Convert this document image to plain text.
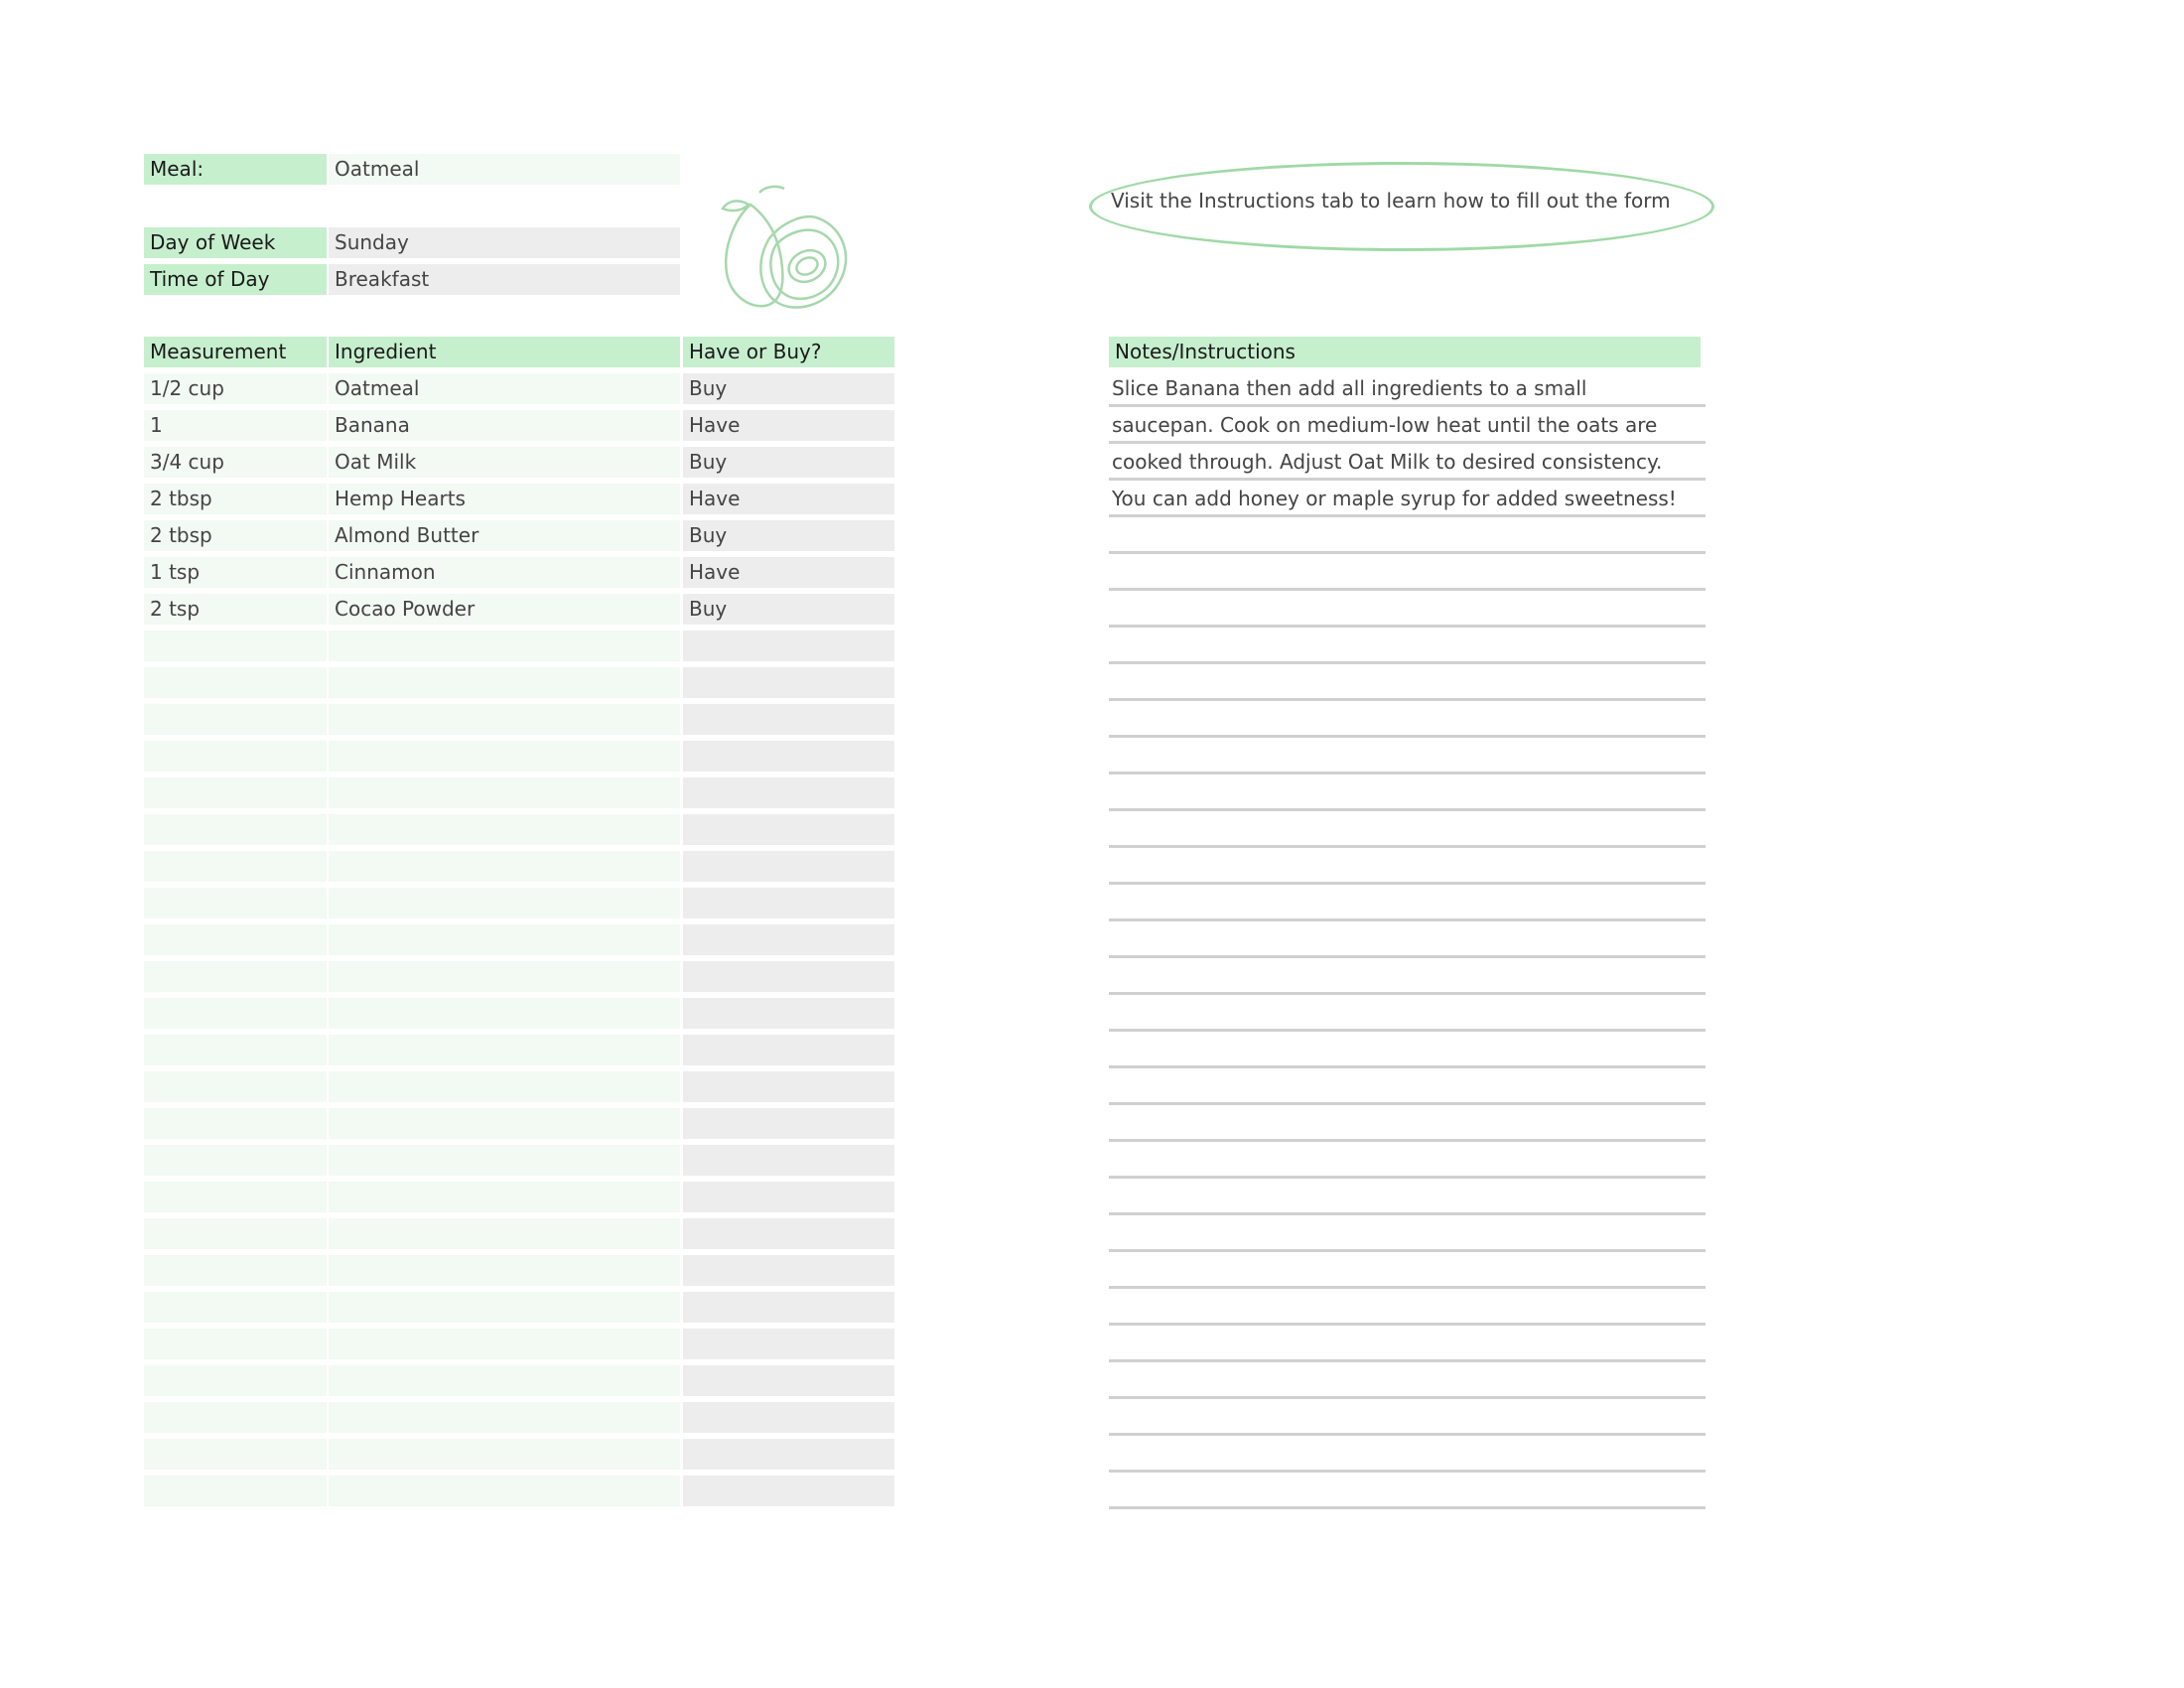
Meal:	Oatmeal
Day of Week	Sunday
Time of Day	Breakfast
Visit the Instructions tab to learn how to fill out the form
Measurement	Ingredient	Have or Buy?
1/2 cup	Oatmeal	Buy
1	Banana	Have
3/4 cup	Oat Milk	Buy
2 tbsp	Hemp Hearts	Have
2 tbsp	Almond Butter	Buy
1 tsp	Cinnamon	Have
2 tsp	Cocao Powder	Buy
Notes/Instructions
Slice Banana then add all ingredients to a small
saucepan. Cook on medium-low heat until the oats are
cooked through. Adjust Oat Milk to desired consistency.
You can add honey or maple syrup for added sweetness!
